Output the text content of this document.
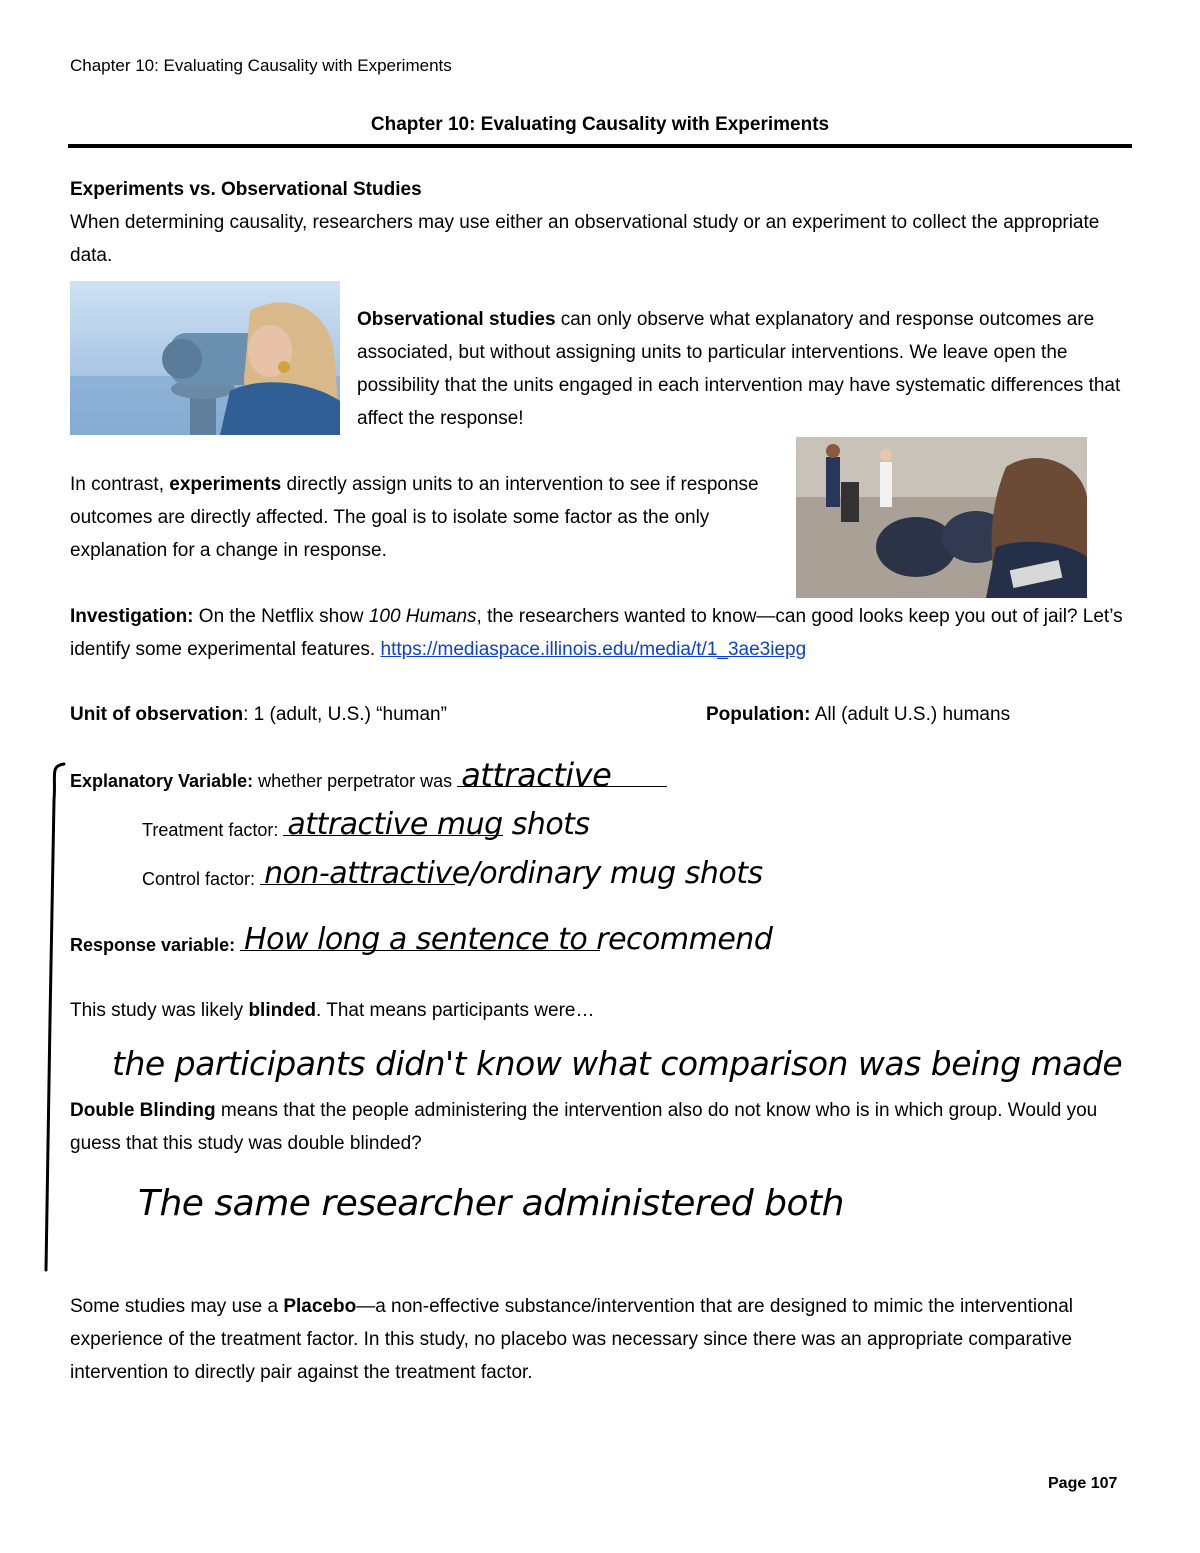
Chapter 10: Evaluating Causality with Experiments
Chapter 10: Evaluating Causality with Experiments
Experiments vs. Observational Studies
When determining causality, researchers may use either an observational study or an experiment to collect the appropriate data.
Observational studies can only observe what explanatory and response outcomes are associated, but without assigning units to particular interventions. We leave open the possibility that the units engaged in each intervention may have systematic differences that affect the response!
In contrast, experiments directly assign units to an intervention to see if response outcomes are directly affected. The goal is to isolate some factor as the only explanation for a change in response.
Investigation: On the Netflix show 100 Humans, the researchers wanted to know—can good looks keep you out of jail? Let’s identify some experimental features. https://mediaspace.illinois.edu/media/t/1_3ae3iepg
Unit of observation: 1 (adult, U.S.) “human”	Population: All (adult U.S.) humans
Explanatory Variable: whether perpetrator was attractive
Treatment factor: attractive mug shots
Control factor: non-attractive/ordinary mug shots
Response variable: How long a sentence to recommend
This study was likely blinded. That means participants were…
the participants didn't know what comparison was being made
Double Blinding means that the people administering the intervention also do not know who is in which group. Would you guess that this study was double blinded?
The same researcher administered both
Some studies may use a Placebo—a non-effective substance/intervention that are designed to mimic the interventional experience of the treatment factor. In this study, no placebo was necessary since there was an appropriate comparative intervention to directly pair against the treatment factor.
Page 107
